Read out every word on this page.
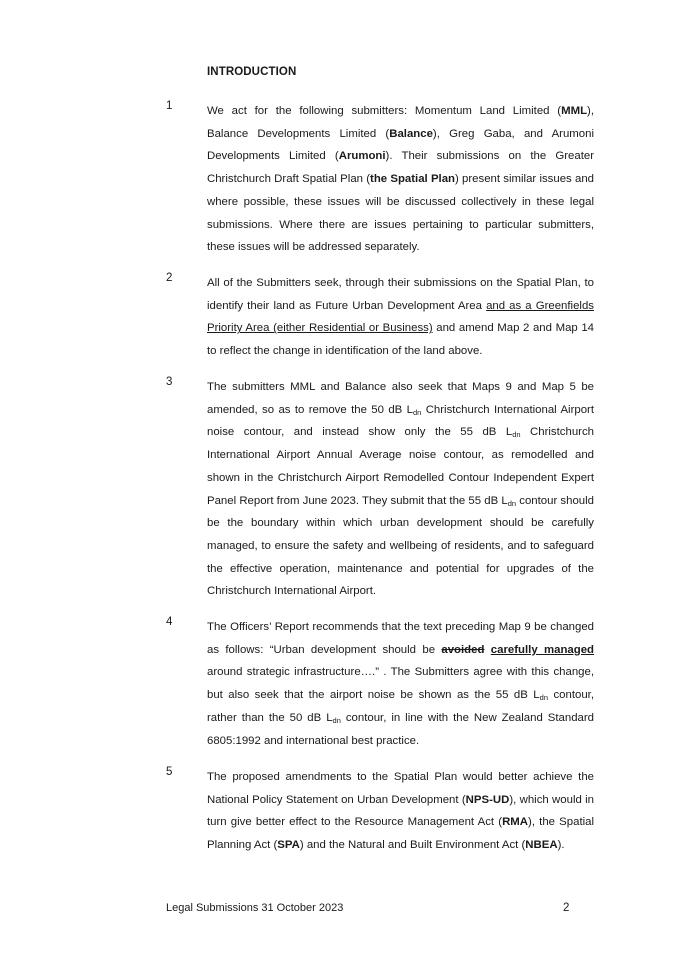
INTRODUCTION
1	We act for the following submitters: Momentum Land Limited (MML), Balance Developments Limited (Balance), Greg Gaba, and Arumoni Developments Limited (Arumoni). Their submissions on the Greater Christchurch Draft Spatial Plan (the Spatial Plan) present similar issues and where possible, these issues will be discussed collectively in these legal submissions. Where there are issues pertaining to particular submitters, these issues will be addressed separately.
2	All of the Submitters seek, through their submissions on the Spatial Plan, to identify their land as Future Urban Development Area and as a Greenfields Priority Area (either Residential or Business) and amend Map 2 and Map 14 to reflect the change in identification of the land above.
3	The submitters MML and Balance also seek that Maps 9 and Map 5 be amended, so as to remove the 50 dB $L_{dn}$ Christchurch International Airport noise contour, and instead show only the 55 dB $L_{dn}$ Christchurch International Airport Annual Average noise contour, as remodelled and shown in the Christchurch Airport Remodelled Contour Independent Expert Panel Report from June 2023. They submit that the 55 dB $L_{dn}$ contour should be the boundary within which urban development should be carefully managed, to ensure the safety and wellbeing of residents, and to safeguard the effective operation, maintenance and potential for upgrades of the Christchurch International Airport.
4	The Officers’ Report recommends that the text preceding Map 9 be changed as follows: “Urban development should be avoided carefully managed around strategic infrastructure….” . The Submitters agree with this change, but also seek that the airport noise be shown as the 55 dB $L_{dn}$ contour, rather than the 50 dB $L_{dn}$ contour, in line with the New Zealand Standard 6805:1992 and international best practice.
5	The proposed amendments to the Spatial Plan would better achieve the National Policy Statement on Urban Development (NPS-UD), which would in turn give better effect to the Resource Management Act (RMA), the Spatial Planning Act (SPA) and the Natural and Built Environment Act (NBEA).
Legal Submissions 31 October 2023	2
